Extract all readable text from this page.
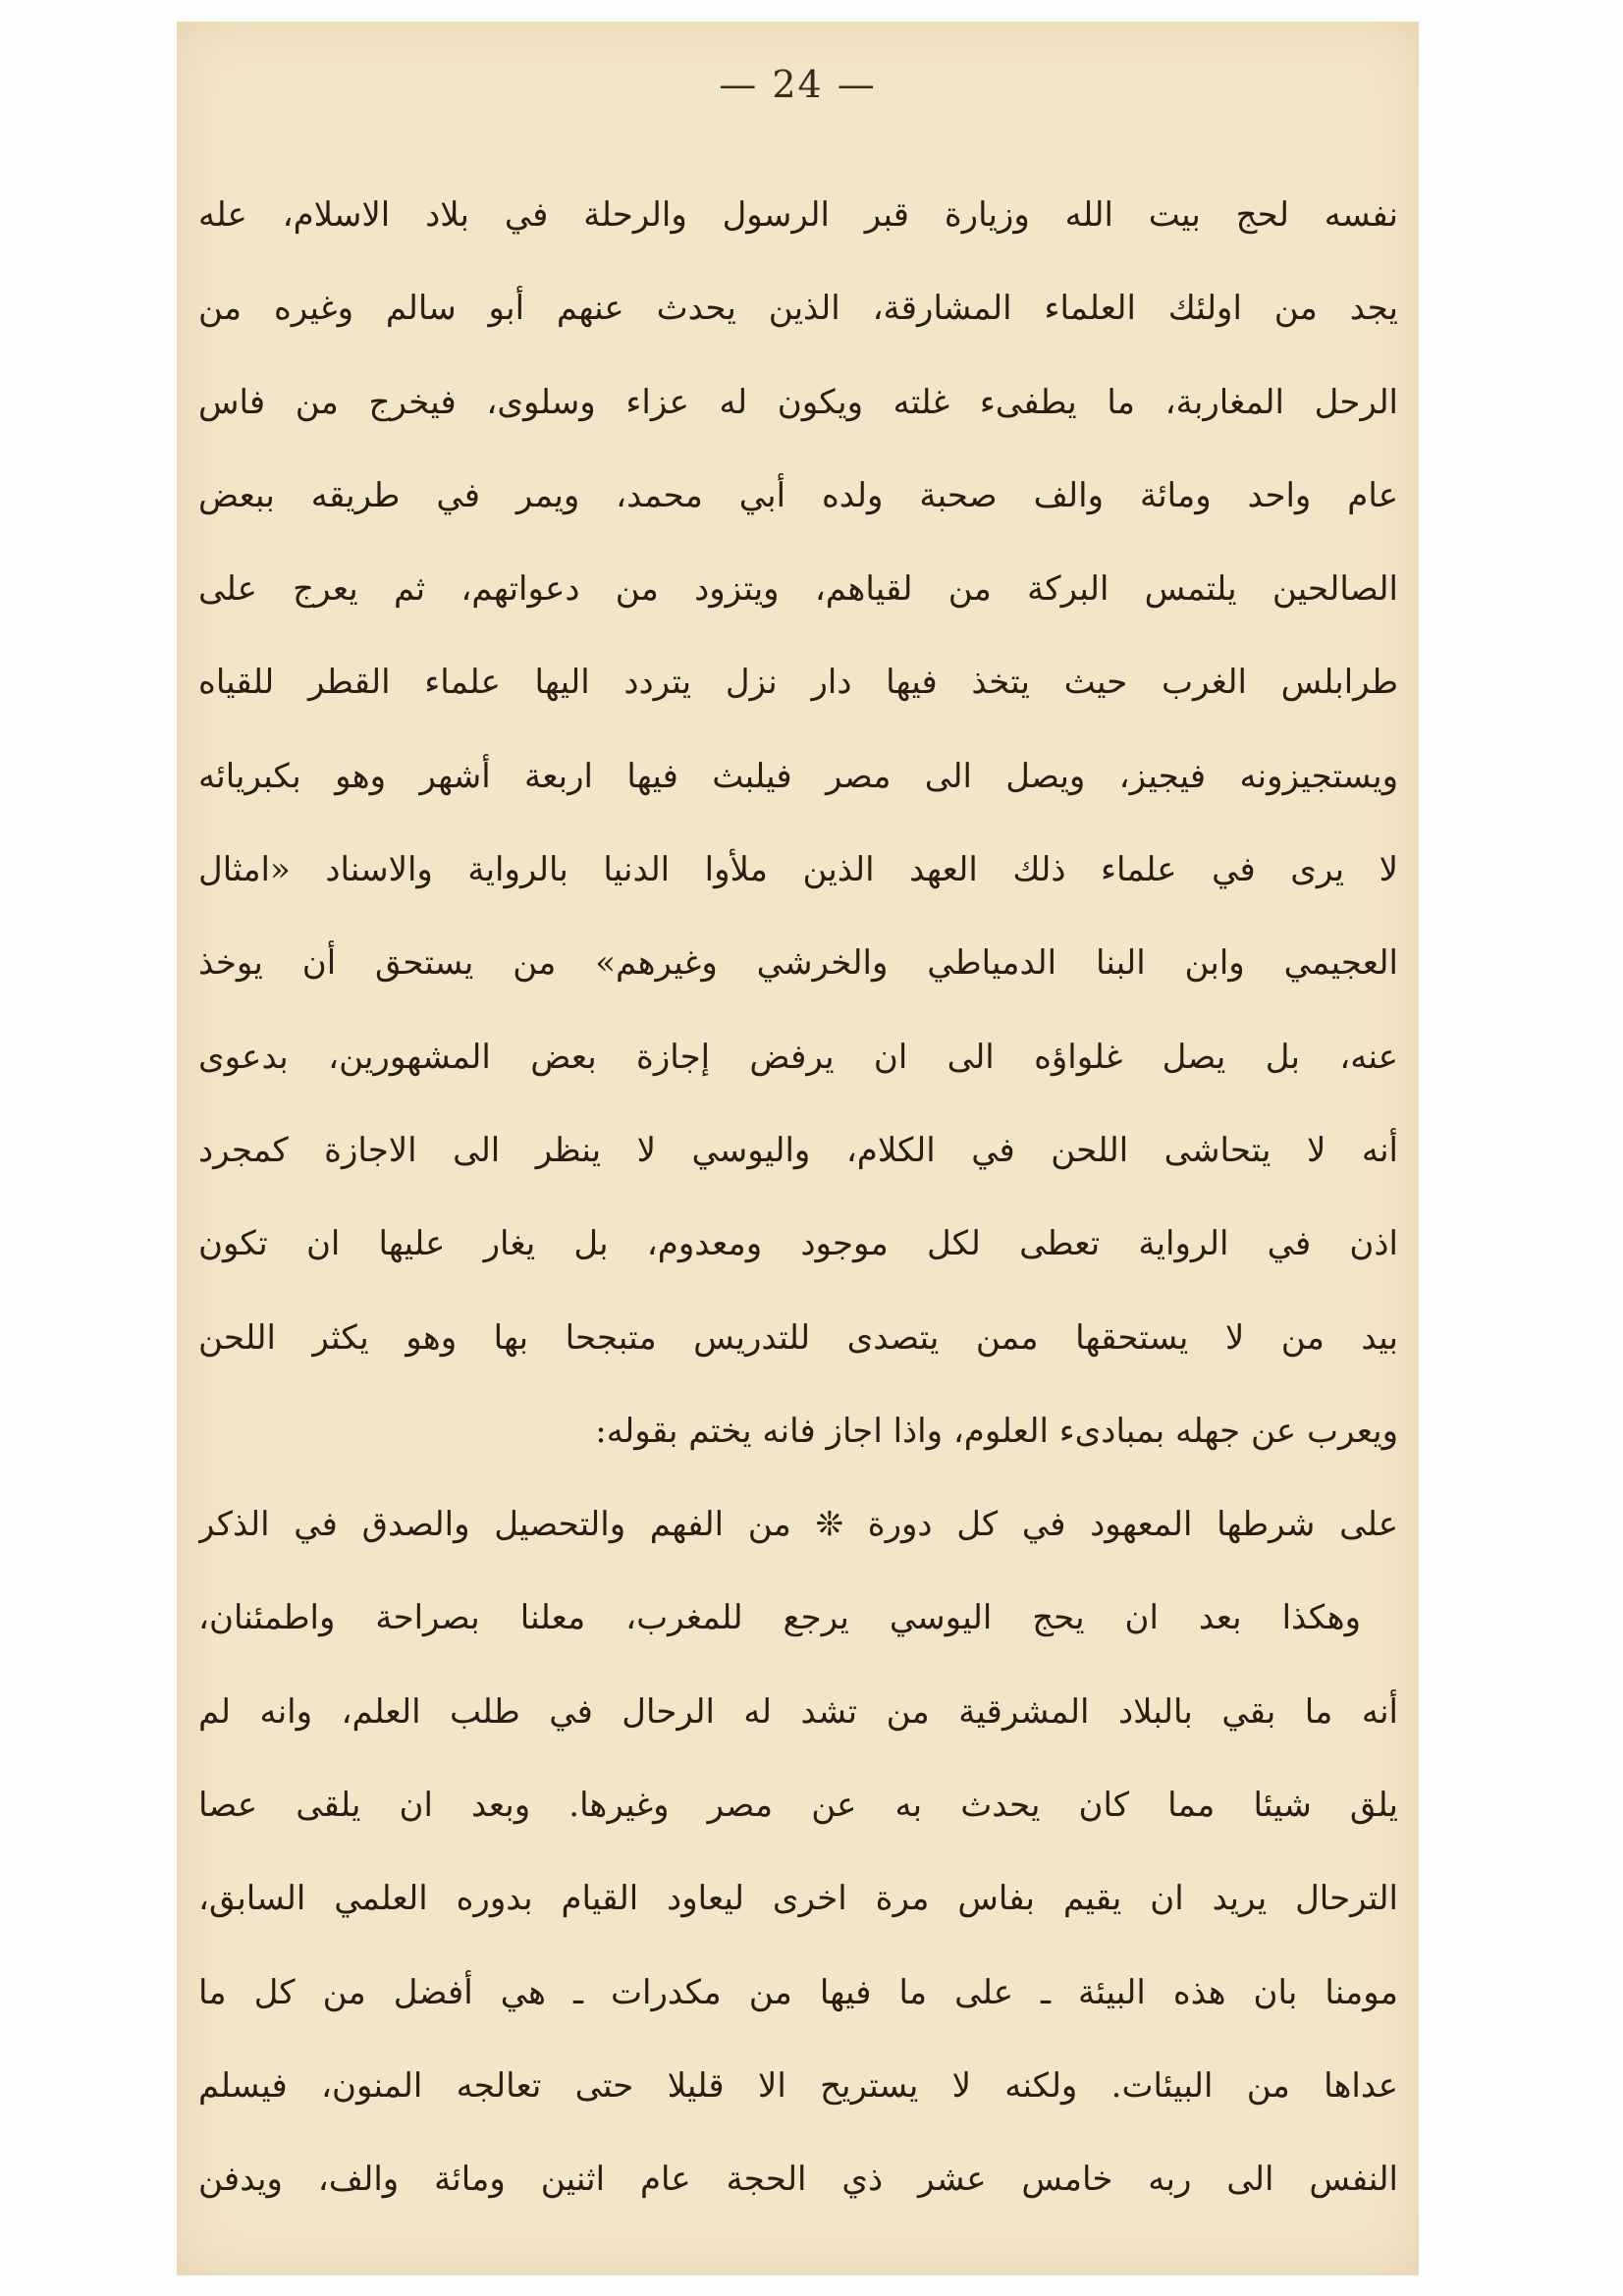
— 24 —
نفسه لحج بيت الله وزيارة قبر الرسول والرحلة في بلاد الاسلام، عله
يجد من اولئك العلماء المشارقة، الذين يحدث عنهم أبو سالم وغيره من
الرحل المغاربة، ما يطفىء غلته ويكون له عزاء وسلوى، فيخرج من فاس
عام واحد ومائة والف صحبة ولده أبي محمد، ويمر في طريقه ببعض
الصالحين يلتمس البركة من لقياهم، ويتزود من دعواتهم، ثم يعرج على
طرابلس الغرب حيث يتخذ فيها دار نزل يتردد اليها علماء القطر للقياه
ويستجيزونه فيجيز، ويصل الى مصر فيلبث فيها اربعة أشهر وهو بكبريائه
لا يرى في علماء ذلك العهد الذين ملأوا الدنيا بالرواية والاسناد «امثال
العجيمي وابن البنا الدمياطي والخرشي وغيرهم» من يستحق أن يوخذ
عنه، بل يصل غلواؤه الى ان يرفض إجازة بعض المشهورين، بدعوى
أنه لا يتحاشى اللحن في الكلام، واليوسي لا ينظر الى الاجازة كمجرد
اذن في الرواية تعطى لكل موجود ومعدوم، بل يغار عليها ان تكون
بيد من لا يستحقها ممن يتصدى للتدريس متبجحا بها وهو يكثر اللحن
ويعرب عن جهله بمبادىء العلوم، واذا اجاز فانه يختم بقوله:
على شرطها المعهود في كل دورة ❊ من الفهم والتحصيل والصدق في الذكر
وهكذا بعد ان يحج اليوسي يرجع للمغرب، معلنا بصراحة واطمئنان،
أنه ما بقي بالبلاد المشرقية من تشد له الرحال في طلب العلم، وانه لم
يلق شيئا مما كان يحدث به عن مصر وغيرها. وبعد ان يلقى عصا
الترحال يريد ان يقيم بفاس مرة اخرى ليعاود القيام بدوره العلمي السابق،
مومنا بان هذه البيئة ـ على ما فيها من مكدرات ـ هي أفضل من كل ما
عداها من البيئات. ولكنه لا يستريح الا قليلا حتى تعالجه المنون، فيسلم
النفس الى ربه خامس عشر ذي الحجة عام اثنين ومائة والف، ويدفن
